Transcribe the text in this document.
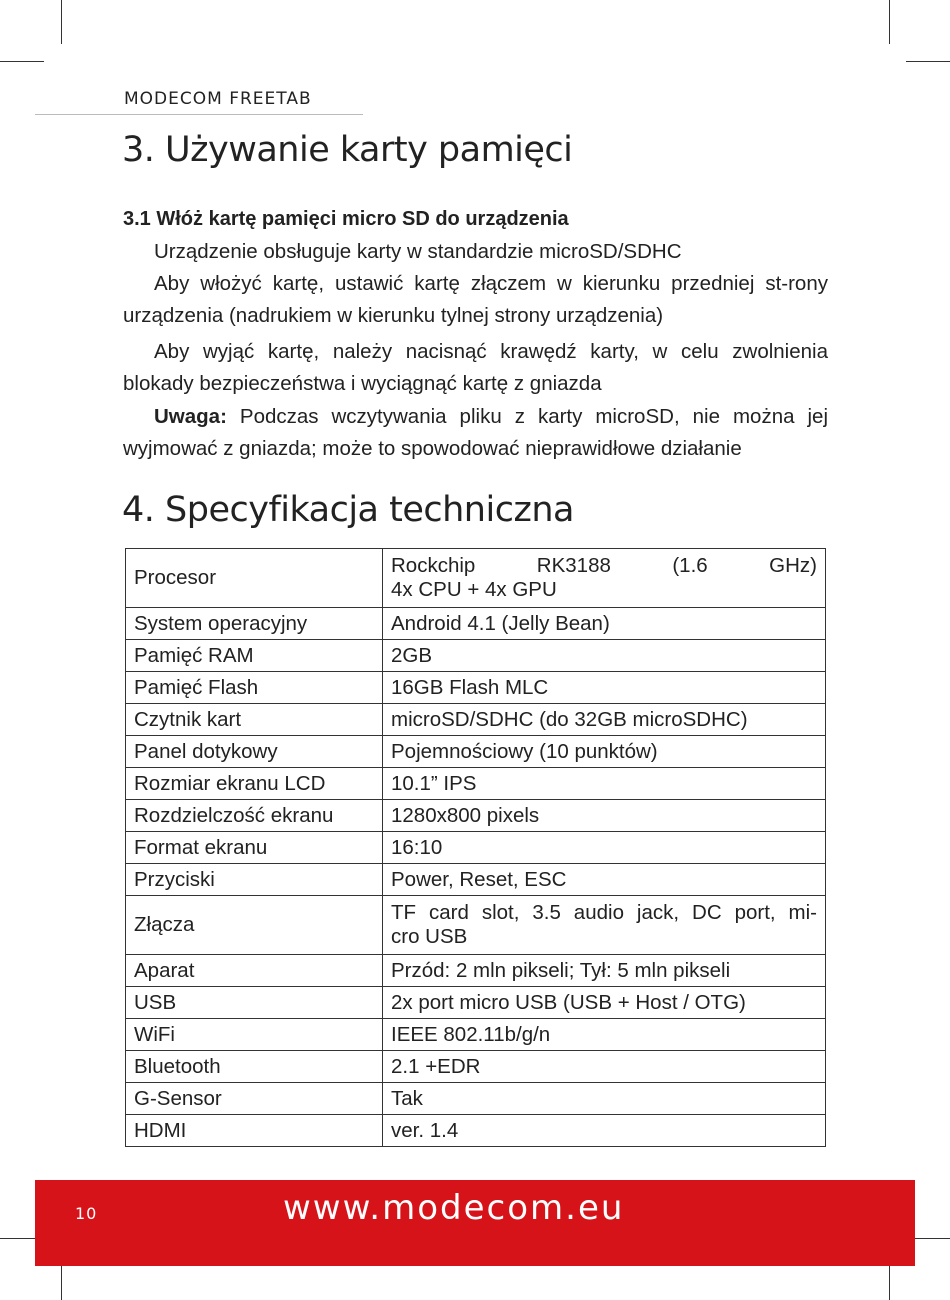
MODECOM FREETAB
3. Używanie karty pamięci

3.1 Włóż kartę pamięci micro SD do urządzenia

Urządzenie obsługuje karty w standardzie microSD/SDHC

Aby włożyć kartę, ustawić kartę złączem w kierunku przedniej st-rony urządzenia (nadrukiem w kierunku tylnej strony urządzenia)

Aby wyjąć kartę, należy nacisnąć krawędź karty, w celu zwolnienia blokady bezpieczeństwa i wyciągnąć kartę z gniazda

Uwaga: Podczas wczytywania pliku z karty microSD, nie można jej wyjmować z gniazda; może to spowodować nieprawidłowe działanie

4. Specyfikacja techniczna
Procesor	Rockchip RK3188 (1.6 GHz)
4x CPU + 4x GPU

System operacyjny	Android 4.1 (Jelly Bean)

Pamięć RAM	2GB

Pamięć Flash	16GB Flash MLC

Czytnik kart	microSD/SDHC (do 32GB microSDHC)

Panel dotykowy	Pojemnościowy (10 punktów)

Rozmiar ekranu LCD	10.1” IPS

Rozdzielczość ekranu	1280x800 pixels

Format ekranu	16:10

Przyciski	Power, Reset, ESC

Złącza	TF card slot, 3.5 audio jack, DC port, mi-
cro USB

Aparat	Przód: 2 mln pikseli; Tył: 5 mln pikseli

USB	2x port micro USB (USB + Host / OTG)

WiFi	IEEE 802.11b/g/n

Bluetooth	2.1 +EDR

G-Sensor	Tak

HDMI	ver. 1.4
10	www.modecom.eu
